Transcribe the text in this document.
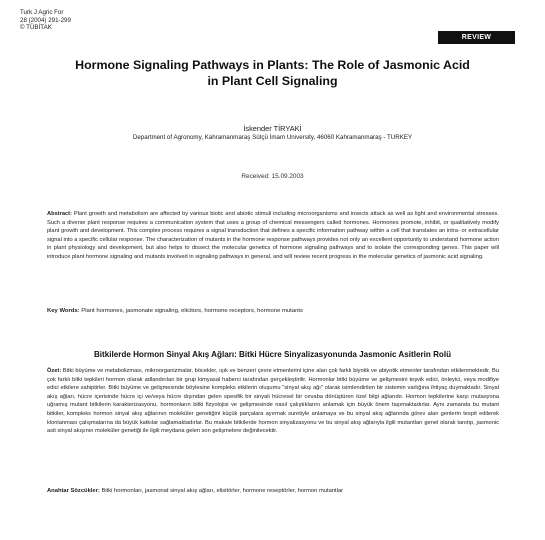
Turk J Agric For
28 (2004) 291-299
© TÜBİTAK
REVIEW
Hormone Signaling Pathways in Plants: The Role of Jasmonic Acid
in Plant Cell Signaling
İskender TİRYAKİ
Department of Agronomy, Kahramanmaraş Sütçü İmam University, 46060 Kahramanmaraş - TURKEY
Received: 15.09.2003
Abstract: Plant growth and metabolism are affected by various biotic and abiotic stimuli including microorganisms and insects attack as well as light and environmental stresses. Such a diverse plant response requires a communication system that uses a group of chemical messengers called hormones. Hormones promote, inhibit, or qualitatively modify plant growth and development. This complex process requires a signal transduction that defines a specific information pathway within a cell that translates an intra- or extracellular signal into a specific cellular response. The characterization of mutants in the hormone response pathways provides not only an excellent opportunity to understand hormone action in plant physiology and development, but also helps to dissect the molecular genetics of hormone signaling pathways and to isolate the corresponding genes. This paper will introduce plant hormone signaling and mutants involved in signaling pathways in general, and will review recent progress in the molecular genetics of jasmonic acid signaling.
Key Words: Plant hormones, jasmonate signaling, elicitors, hormone receptors, hormone mutants
Bitkilerde Hormon Sinyal Akış Ağları: Bitki Hücre Sinyalizasyonunda Jasmonic Asitlerin Rolü
Özet: Bitki büyüme ve metabolizması, mikroorganizmalar, böcekler, ışık ve benzeri çevre etmenlerini içine alan çok farklı biyotik ve abiyotik etmenler tarafından etkilenmektedir. Bu çok farklı bitki tepkileri hormon olarak adlandırılan bir grup kimyasal haberci tarafından gerçekleştirilir. Hormonlar bitki büyüme ve gelişmesini teşvik edici, önleyici, veya modifiye edici etkilere sahiptirler. Bitki büyüme ve gelişmesinde böylesine kompleks etkilerin oluşumu "sinyal akış ağı" olarak isimlendirilen bir sistemin varlığına ihtiyaç duymaktadır. Sinyal akış ağları, hücre içerisinde hücre içi ve/veya hücre dışından gelen spesifik bir sinyali hücresel bir cevaba dönüştüren özel bilgi ağlarıdır. Hormon tepkilerine karşı mutasyona uğramış mutant bitkilerin karakterizasyonu, hormonların bitki fizyolojisi ve gelişmesinde nasıl çalıştıklarını anlamak için büyük önem taşımaktadırlar. Aynı zamanda bu mutant bitkiler, kompleks hormon sinyal akış ağlarının moleküler genetiğini küçük parçalara ayırmak suretiyle anlamaya ve bu sinyal akış ağlarında görev alan genlerin tespit edilerek klonlanması çalışmalarına da büyük katkılar sağlamaktadırlar. Bu makale bitkilerde hormon sinyalizasyonu ve bu sinyal akış ağlarıyla ilgili mutantları genel olarak tanıtıp, jasmonic asit sinyal akışının moleküler genetiği ile ilgili meydana gelen son gelişmelere değinilecektir.
Anahtar Sözcükler: Bitki hormonları, jasmonat sinyal akış ağları, elisitörler, hormone reseptörler, hormon mutantlar
